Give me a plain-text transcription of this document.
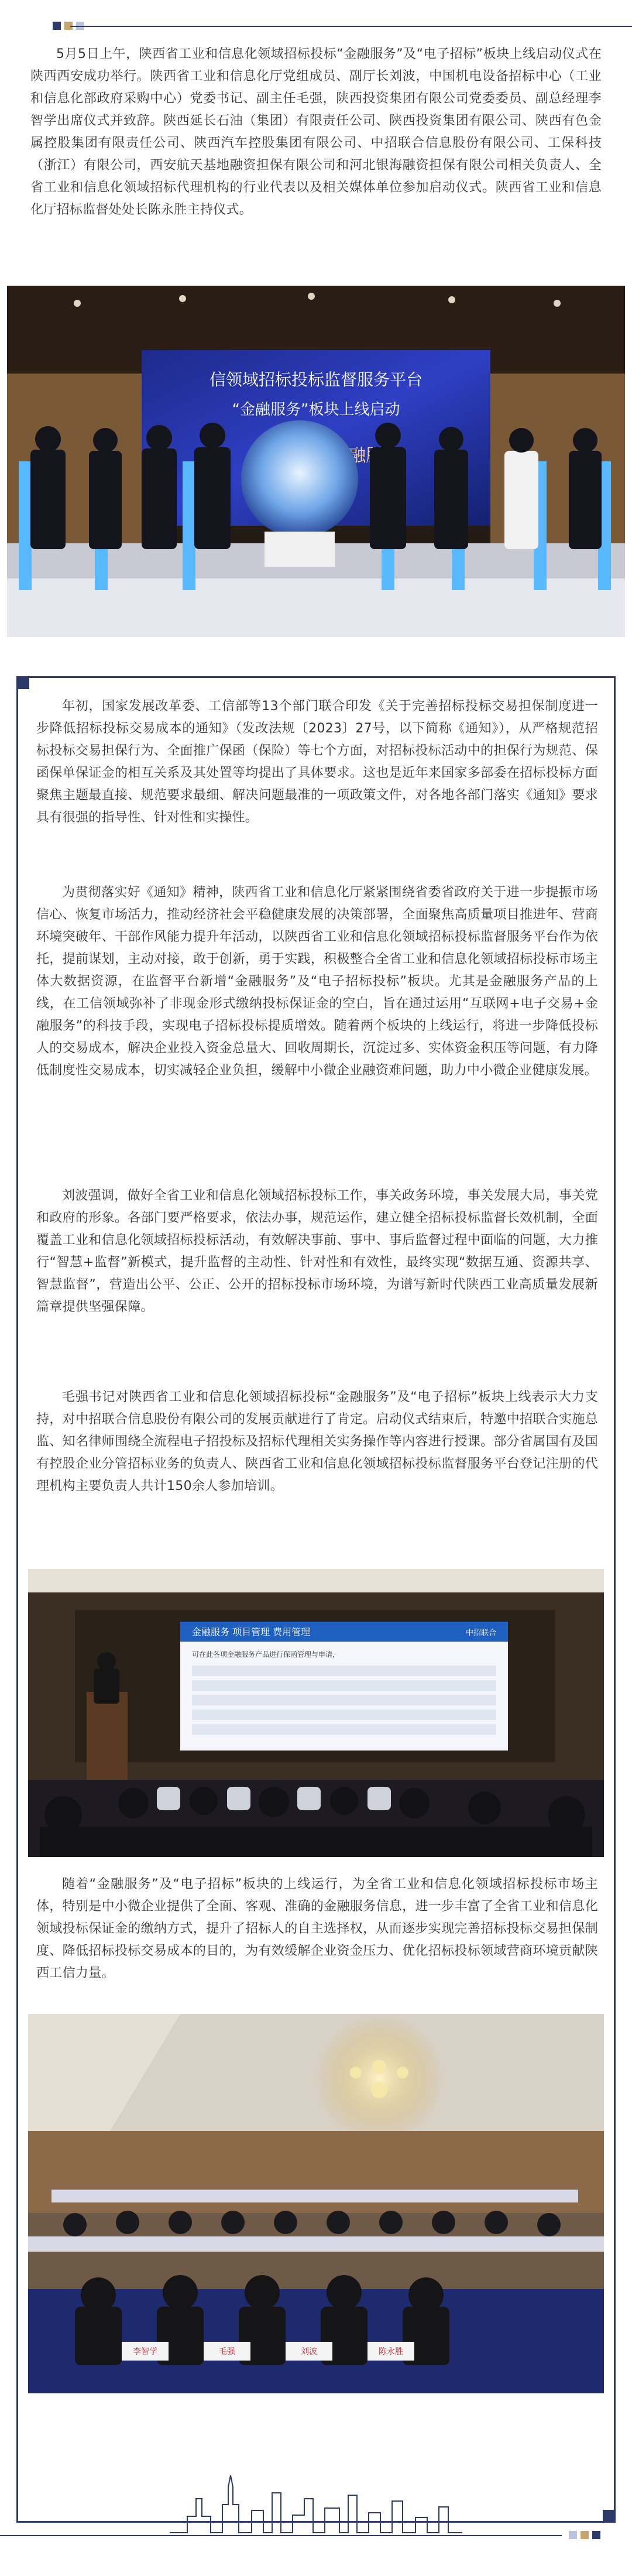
5月5日上午，陕西省工业和信息化领域招标投标“金融服务”及“电子招标”板块上线启动仪式在陕西西安成功举行。陕西省工业和信息化厅党组成员、副厅长刘波，中国机电设备招标中心（工业和信息化部政府采购中心）党委书记、副主任毛强，陕西投资集团有限公司党委委员、副总经理李智学出席仪式并致辞。陕西延长石油（集团）有限责任公司、陕西投资集团有限公司、陕西有色金属控股集团有限责任公司、陕西汽车控股集团有限公司、中招联合信息股份有限公司、工保科技（浙江）有限公司，西安航天基地融资担保有限公司和河北银海融资担保有限公司相关负责人、全省工业和信息化领域招标代理机构的行业代表以及相关媒体单位参加启动仪式。陕西省工业和信息化厅招标监督处处长陈永胜主持仪式。

信领域招标投标监督服务平台
“金融服务”板块上线启动

年初，国家发展改革委、工信部等13个部门联合印发《关于完善招标投标交易担保制度进一步降低招标投标交易成本的通知》（发改法规〔2023〕27号，以下简称《通知》），从严格规范招标投标交易担保行为、全面推广保函（保险）等七个方面，对招标投标活动中的担保行为规范、保函保单保证金的相互关系及其处置等均提出了具体要求。这也是近年来国家多部委在招标投标方面聚焦主题最直接、规范要求最细、解决问题最准的一项政策文件，对各地各部门落实《通知》要求具有很强的指导性、针对性和实操性。

为贯彻落实好《通知》精神，陕西省工业和信息化厅紧紧围绕省委省政府关于进一步提振市场信心、恢复市场活力，推动经济社会平稳健康发展的决策部署，全面聚焦高质量项目推进年、营商环境突破年、干部作风能力提升年活动，以陕西省工业和信息化领域招标投标监督服务平台作为依托，提前谋划，主动对接，敢于创新，勇于实践，积极整合全省工业和信息化领域招标投标市场主体大数据资源，在监督平台新增“金融服务”及“电子招标投标”板块。尤其是金融服务产品的上线，在工信领域弥补了非现金形式缴纳投标保证金的空白，旨在通过运用“互联网+电子交易+金融服务”的科技手段，实现电子招标投标提质增效。随着两个板块的上线运行，将进一步降低投标人的交易成本，解决企业投入资金总量大、回收周期长，沉淀过多、实体资金积压等问题，有力降低制度性交易成本，切实减轻企业负担，缓解中小微企业融资难问题，助力中小微企业健康发展。

刘波强调，做好全省工业和信息化领域招标投标工作，事关政务环境，事关发展大局，事关党和政府的形象。各部门要严格要求，依法办事，规范运作，建立健全招标投标监督长效机制，全面覆盖工业和信息化领域招标投标活动，有效解决事前、事中、事后监督过程中面临的问题，大力推行“智慧+监督”新模式，提升监督的主动性、针对性和有效性，最终实现“数据互通、资源共享、智慧监督”，营造出公平、公正、公开的招标投标市场环境，为谱写新时代陕西工业高质量发展新篇章提供坚强保障。

毛强书记对陕西省工业和信息化领域招标投标“金融服务”及“电子招标”板块上线表示大力支持，对中招联合信息股份有限公司的发展贡献进行了肯定。启动仪式结束后，特邀中招联合实施总监、知名律师围绕全流程电子招投标及招标代理相关实务操作等内容进行授课。部分省属国有及国有控股企业分管招标业务的负责人、陕西省工业和信息化领域招标投标监督服务平台登记注册的代理机构主要负责人共计150余人参加培训。

金融服务 项目管理 费用管理	中招联合
可在此各项金融服务产品进行保函管理与申请，

随着“金融服务”及“电子招标”板块的上线运行，为全省工业和信息化领域招标投标市场主体，特别是中小微企业提供了全面、客观、准确的金融服务信息，进一步丰富了全省工业和信息化领域投标保证金的缴纳方式，提升了招标人的自主选择权，从而逐步实现完善招标投标交易担保制度、降低招标投标交易成本的目的，为有效缓解企业资金压力、优化招标投标领域营商环境贡献陕西工信力量。

李智学	毛强	刘波	陈永胜
